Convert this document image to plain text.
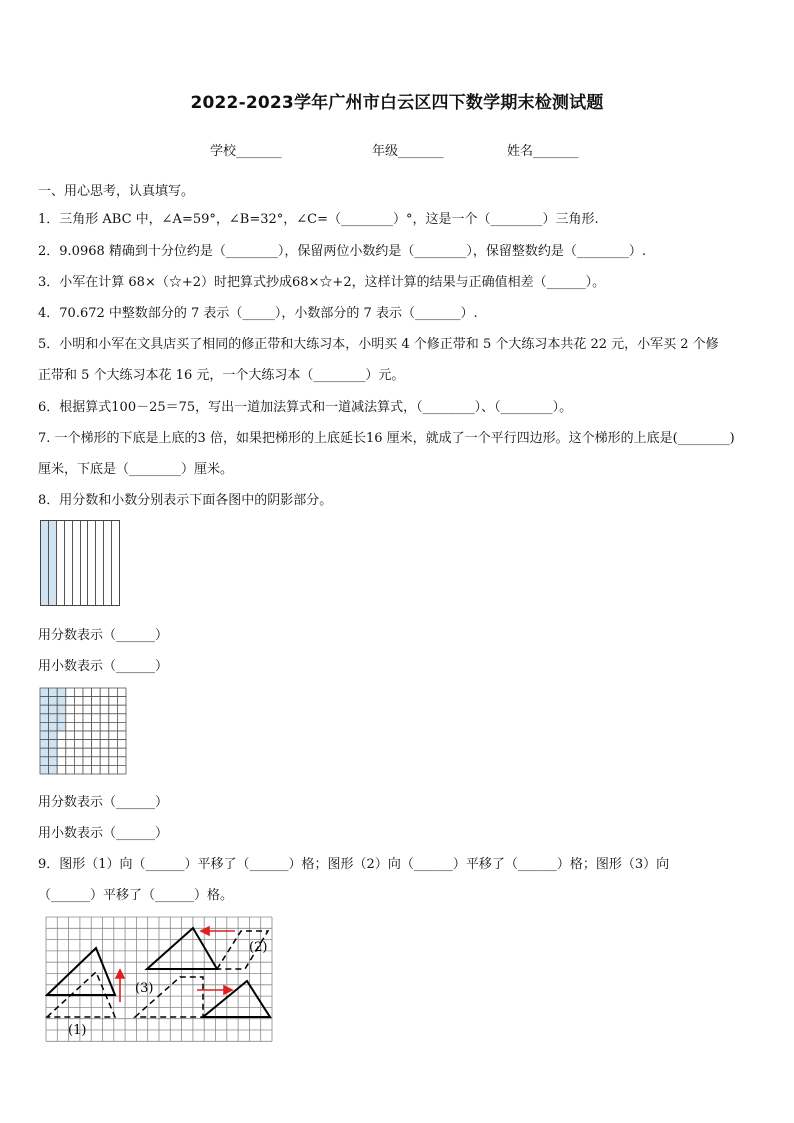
2022-2023学年广州市白云区四下数学期末检测试题
学校_______	年级_______	姓名_______
一、用心思考，认真填写。
1．三角形 ABC 中，∠A=59°，∠B=32°，∠C=（________）°，这是一个（________）三角形.
2．9.0968 精确到十分位约是（________），保留两位小数约是（________），保留整数约是（________）.
3．小军在计算 68×（☆+2）时把算式抄成68×☆+2，这样计算的结果与正确值相差（______）。
4．70.672 中整数部分的 7 表示（_____），小数部分的 7 表示（_______）.
5．小明和小军在文具店买了相同的修正带和大练习本，小明买 4 个修正带和 5 个大练习本共花 22 元，小军买 2 个修
正带和 5 个大练习本花 16 元，一个大练习本（________）元。
6．根据算式100－25＝75，写出一道加法算式和一道减法算式，（________）、（________）。
7. 一个梯形的下底是上底的3 倍，如果把梯形的上底延长16 厘米，就成了一个平行四边形。这个梯形的上底是(________)
厘米，下底是（________）厘米。
8．用分数和小数分别表示下面各图中的阴影部分。
用分数表示（______）
用小数表示（______）
用分数表示（______）
用小数表示（______）
9．图形（1）向（______）平移了（______）格；图形（2）向（______）平移了（______）格；图形（3）向
（______）平移了（______）格。
(1)
(2)
(3)
